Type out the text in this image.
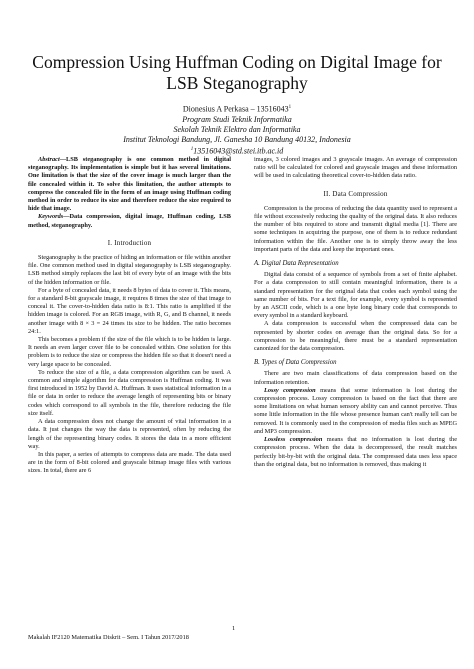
Compression Using Huffman Coding on Digital Image for LSB Steganography
Dionesius A Perkasa – 13516043$^1$
Program Studi Teknik Informatika
Sekolah Teknik Elektro dan Informatika
Institut Teknologi Bandung, Jl. Ganesha 10 Bandung 40132, Indonesia
$^1$13516043@std.stei.itb.ac.id

Abstract—LSB steganography is one common method in digital steganography. Its implementation is simple but it has several limitations. One limitation is that the size of the cover image is much larger than the file concealed within it. To solve this limitation, the author attempts to compress the concealed file in the form of an image using Huffman coding method in order to reduce its size and therefore reduce the size required to hide that image.

Keywords—Data compression, digital image, Huffman coding, LSB method, steganography.

I. Introduction

Steganography is the practice of hiding an information or file within another file. One common method used in digital steganography is LSB steganography. LSB method simply replaces the last bit of every byte of an image with the bits of the hidden information or file.

For a byte of concealed data, it needs 8 bytes of data to cover it. This means, for a standard 8-bit grayscale image, it requires 8 times the size of that image to conceal it. The cover-to-hidden data ratio is 8:1. This ratio is amplified if the hidden image is colored. For an RGB image, with R, G, and B channel, it needs another image with 8 × 3 = 24 times its size to be hidden. The ratio becomes 24:1.

This becomes a problem if the size of the file which is to be hidden is large. It needs an even larger cover file to be concealed within. One solution for this problem is to reduce the size or compress the hidden file so that it doesn't need a very large space to be concealed.

To reduce the size of a file, a data compression algorithm can be used. A common and simple algorithm for data compression is Huffman coding. It was first introduced in 1952 by David A. Huffman. It uses statistical information in a file or data in order to reduce the average length of representing bits or binary codes which correspond to all symbols in the file, therefore reducing the file size itself.

A data compression does not change the amount of vital information in a data. It just changes the way the data is represented, often by reducing the length of the representing binary codes. It stores the data in a more efficient way.

In this paper, a series of attempts to compress data are made. The data used are in the form of 8-bit colored and grayscale bitmap image files with various sizes. In total, there are 6

images, 3 colored images and 3 grayscale images. An average of compression ratio will be calculated for colored and grayscale images and these information will be used in calculating theoretical cover-to-hidden data ratio.

II. Data Compression

Compression is the process of reducing the data quantity used to represent a file without excessively reducing the quality of the original data. It also reduces the number of bits required to store and transmit digital media [1]. There are some techniques in acquiring the purpose, one of them is to reduce redundant information within the file. Another one is to simply throw away the less important parts of the data and keep the important ones.

A. Digital Data Representation

Digital data consist of a sequence of symbols from a set of finite alphabet. For a data compression to still contain meaningful information, there is a standard representation for the original data that codes each symbol using the same number of bits. For a text file, for example, every symbol is represented by an ASCII code, which is a one byte long binary code that corresponds to every symbol in a standard keyboard.

A data compression is successful when the compressed data can be represented by shorter codes on average than the original data. So for a compression to be meaningful, there must be a standard representation canonized for the data compression.

B. Types of Data Compression

There are two main classifications of data compression based on the information retention.

Lossy compression means that some information is lost during the compression process. Lossy compression is based on the fact that there are some limitations on what human sensory ability can and cannot perceive. Thus some little information in the file whose presence human can't really tell can be removed. It is commonly used in the compression of media files such as MPEG and MP3 compression.

Lossless compression means that no information is lost during the compression process. When the data is decompressed, the result matches perfectly bit-by-bit with the original data. The compressed data uses less space than the original data, but no information is removed, thus making it

1
Makalah IF2120 Matematika Diskrit – Sem. I Tahun 2017/2018
